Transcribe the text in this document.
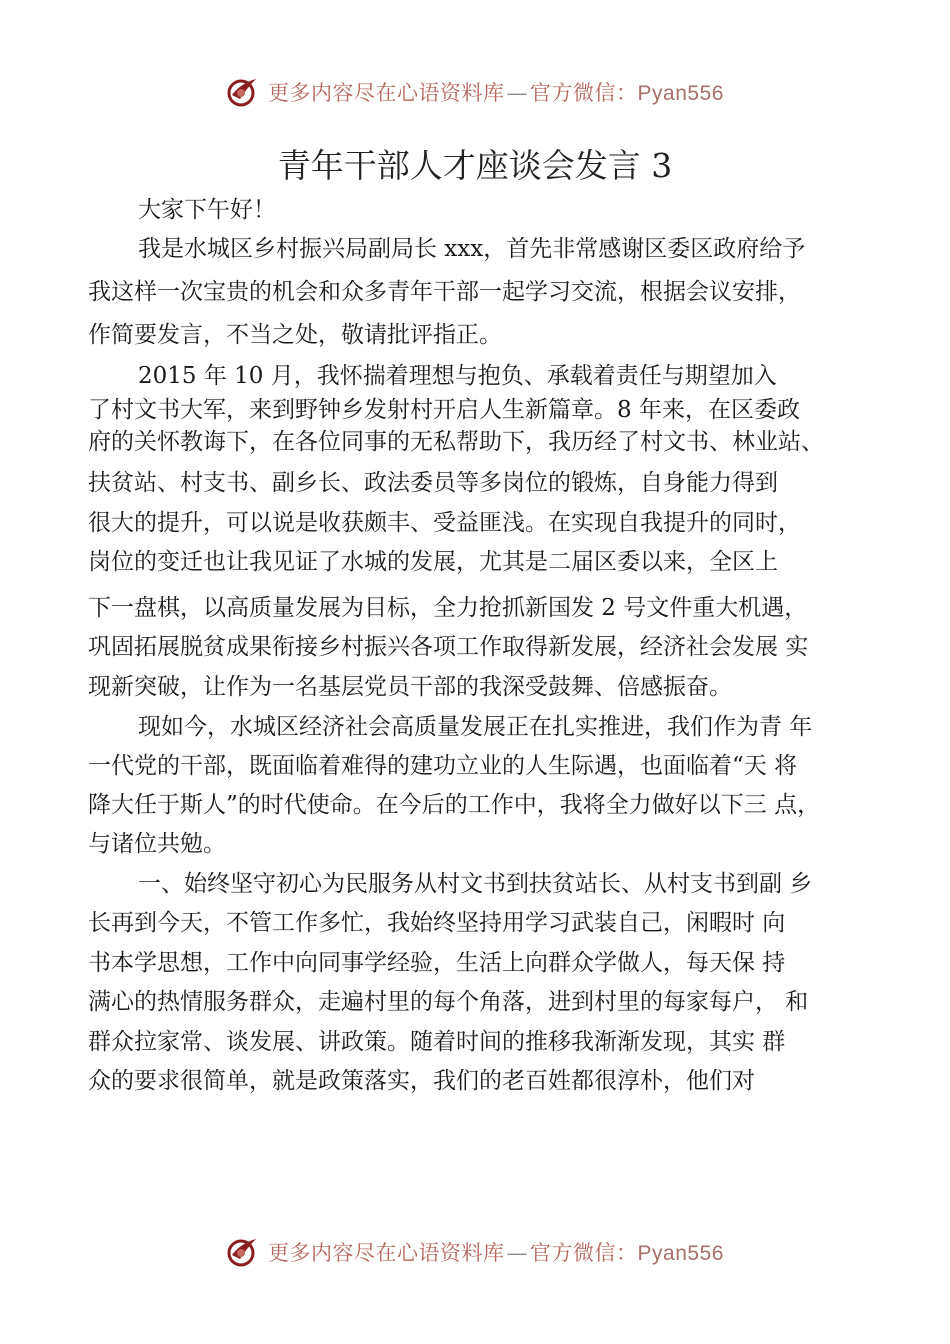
更多内容尽在心语资料库—官方微信：Pyan556
青年干部人才座谈会发言 3
大家下午好！
我是水城区乡村振兴局副局长 xxx，首先非常感谢区委区政府给予
我这样一次宝贵的机会和众多青年干部一起学习交流，根据会议安排，
作简要发言，不当之处，敬请批评指正。
2015 年 10 月，我怀揣着理想与抱负、承载着责任与期望加入
了村文书大军，来到野钟乡发射村开启人生新篇章。8 年来，在区委政
府的关怀教诲下，在各位同事的无私帮助下，我历经了村文书、林业站、
扶贫站、村支书、副乡长、政法委员等多岗位的锻炼，自身能力得到
很大的提升，可以说是收获颇丰、受益匪浅。在实现自我提升的同时，
岗位的变迁也让我见证了水城的发展，尤其是二届区委以来，全区上
下一盘棋，以高质量发展为目标，全力抢抓新国发 2 号文件重大机遇，
巩固拓展脱贫成果衔接乡村振兴各项工作取得新发展，经济社会发展 实
现新突破，让作为一名基层党员干部的我深受鼓舞、倍感振奋。
现如今，水城区经济社会高质量发展正在扎实推进，我们作为青 年
一代党的干部，既面临着难得的建功立业的人生际遇，也面临着“天 将
降大任于斯人”的时代使命。在今后的工作中，我将全力做好以下三 点，
与诸位共勉。
一、始终坚守初心为民服务从村文书到扶贫站长、从村支书到副 乡
长再到今天，不管工作多忙，我始终坚持用学习武装自己，闲暇时 向
书本学思想，工作中向同事学经验，生活上向群众学做人，每天保 持
满心的热情服务群众，走遍村里的每个角落，进到村里的每家每户， 和
群众拉家常、谈发展、讲政策。随着时间的推移我渐渐发现，其实 群
众的要求很简单，就是政策落实，我们的老百姓都很淳朴，他们对
更多内容尽在心语资料库—官方微信：Pyan556
